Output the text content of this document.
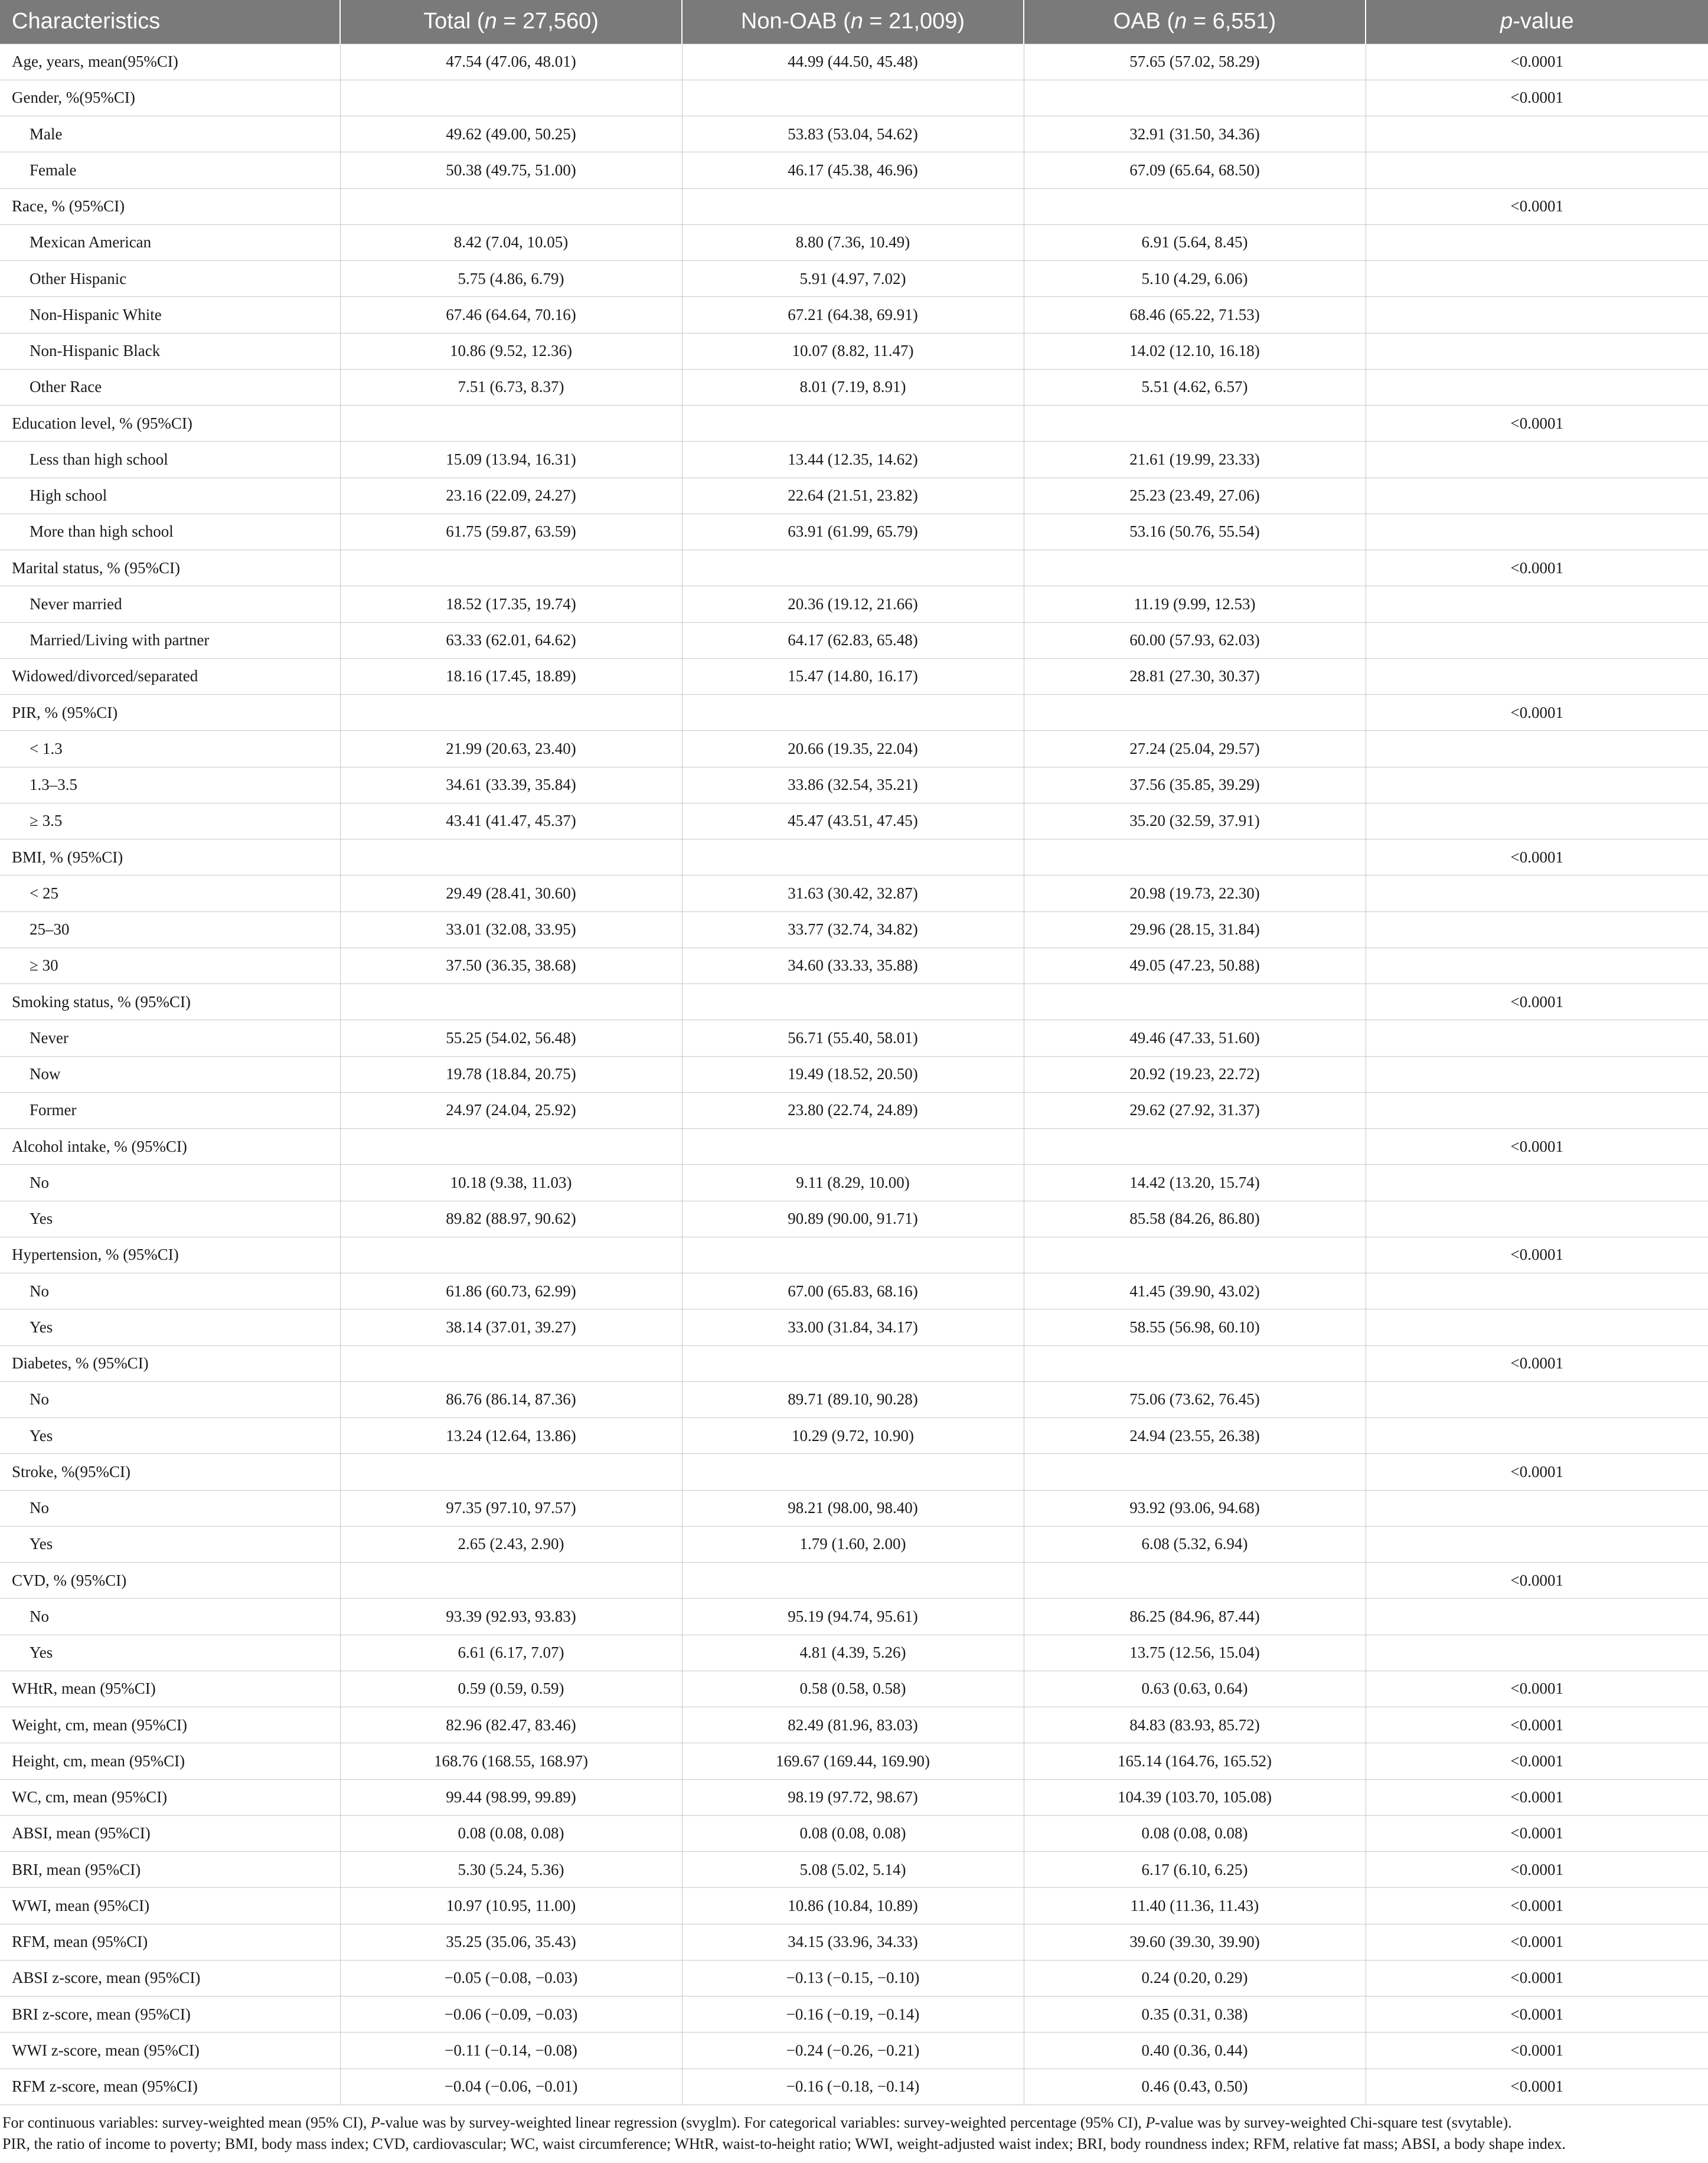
Characteristics	Total (n = 27,560)	Non-OAB (n = 21,009)	OAB (n = 6,551)	p-value
Age, years, mean(95%CI)	47.54 (47.06, 48.01)	44.99 (44.50, 45.48)	57.65 (57.02, 58.29)	<0.0001
Gender, %(95%CI)				<0.0001
Male	49.62 (49.00, 50.25)	53.83 (53.04, 54.62)	32.91 (31.50, 34.36)	
Female	50.38 (49.75, 51.00)	46.17 (45.38, 46.96)	67.09 (65.64, 68.50)	
Race, % (95%CI)				<0.0001
Mexican American	8.42 (7.04, 10.05)	8.80 (7.36, 10.49)	6.91 (5.64, 8.45)	
Other Hispanic	5.75 (4.86, 6.79)	5.91 (4.97, 7.02)	5.10 (4.29, 6.06)	
Non-Hispanic White	67.46 (64.64, 70.16)	67.21 (64.38, 69.91)	68.46 (65.22, 71.53)	
Non-Hispanic Black	10.86 (9.52, 12.36)	10.07 (8.82, 11.47)	14.02 (12.10, 16.18)	
Other Race	7.51 (6.73, 8.37)	8.01 (7.19, 8.91)	5.51 (4.62, 6.57)	
Education level, % (95%CI)				<0.0001
Less than high school	15.09 (13.94, 16.31)	13.44 (12.35, 14.62)	21.61 (19.99, 23.33)	
High school	23.16 (22.09, 24.27)	22.64 (21.51, 23.82)	25.23 (23.49, 27.06)	
More than high school	61.75 (59.87, 63.59)	63.91 (61.99, 65.79)	53.16 (50.76, 55.54)	
Marital status, % (95%CI)				<0.0001
Never married	18.52 (17.35, 19.74)	20.36 (19.12, 21.66)	11.19 (9.99, 12.53)	
Married/Living with partner	63.33 (62.01, 64.62)	64.17 (62.83, 65.48)	60.00 (57.93, 62.03)	
Widowed/divorced/separated	18.16 (17.45, 18.89)	15.47 (14.80, 16.17)	28.81 (27.30, 30.37)	
PIR, % (95%CI)				<0.0001
< 1.3	21.99 (20.63, 23.40)	20.66 (19.35, 22.04)	27.24 (25.04, 29.57)	
1.3–3.5	34.61 (33.39, 35.84)	33.86 (32.54, 35.21)	37.56 (35.85, 39.29)	
≥ 3.5	43.41 (41.47, 45.37)	45.47 (43.51, 47.45)	35.20 (32.59, 37.91)	
BMI, % (95%CI)				<0.0001
< 25	29.49 (28.41, 30.60)	31.63 (30.42, 32.87)	20.98 (19.73, 22.30)	
25–30	33.01 (32.08, 33.95)	33.77 (32.74, 34.82)	29.96 (28.15, 31.84)	
≥ 30	37.50 (36.35, 38.68)	34.60 (33.33, 35.88)	49.05 (47.23, 50.88)	
Smoking status, % (95%CI)				<0.0001
Never	55.25 (54.02, 56.48)	56.71 (55.40, 58.01)	49.46 (47.33, 51.60)	
Now	19.78 (18.84, 20.75)	19.49 (18.52, 20.50)	20.92 (19.23, 22.72)	
Former	24.97 (24.04, 25.92)	23.80 (22.74, 24.89)	29.62 (27.92, 31.37)	
Alcohol intake, % (95%CI)				<0.0001
No	10.18 (9.38, 11.03)	9.11 (8.29, 10.00)	14.42 (13.20, 15.74)	
Yes	89.82 (88.97, 90.62)	90.89 (90.00, 91.71)	85.58 (84.26, 86.80)	
Hypertension, % (95%CI)				<0.0001
No	61.86 (60.73, 62.99)	67.00 (65.83, 68.16)	41.45 (39.90, 43.02)	
Yes	38.14 (37.01, 39.27)	33.00 (31.84, 34.17)	58.55 (56.98, 60.10)	
Diabetes, % (95%CI)				<0.0001
No	86.76 (86.14, 87.36)	89.71 (89.10, 90.28)	75.06 (73.62, 76.45)	
Yes	13.24 (12.64, 13.86)	10.29 (9.72, 10.90)	24.94 (23.55, 26.38)	
Stroke, %(95%CI)				<0.0001
No	97.35 (97.10, 97.57)	98.21 (98.00, 98.40)	93.92 (93.06, 94.68)	
Yes	2.65 (2.43, 2.90)	1.79 (1.60, 2.00)	6.08 (5.32, 6.94)	
CVD, % (95%CI)				<0.0001
No	93.39 (92.93, 93.83)	95.19 (94.74, 95.61)	86.25 (84.96, 87.44)	
Yes	6.61 (6.17, 7.07)	4.81 (4.39, 5.26)	13.75 (12.56, 15.04)	
WHtR, mean (95%CI)	0.59 (0.59, 0.59)	0.58 (0.58, 0.58)	0.63 (0.63, 0.64)	<0.0001
Weight, cm, mean (95%CI)	82.96 (82.47, 83.46)	82.49 (81.96, 83.03)	84.83 (83.93, 85.72)	<0.0001
Height, cm, mean (95%CI)	168.76 (168.55, 168.97)	169.67 (169.44, 169.90)	165.14 (164.76, 165.52)	<0.0001
WC, cm, mean (95%CI)	99.44 (98.99, 99.89)	98.19 (97.72, 98.67)	104.39 (103.70, 105.08)	<0.0001
ABSI, mean (95%CI)	0.08 (0.08, 0.08)	0.08 (0.08, 0.08)	0.08 (0.08, 0.08)	<0.0001
BRI, mean (95%CI)	5.30 (5.24, 5.36)	5.08 (5.02, 5.14)	6.17 (6.10, 6.25)	<0.0001
WWI, mean (95%CI)	10.97 (10.95, 11.00)	10.86 (10.84, 10.89)	11.40 (11.36, 11.43)	<0.0001
RFM, mean (95%CI)	35.25 (35.06, 35.43)	34.15 (33.96, 34.33)	39.60 (39.30, 39.90)	<0.0001
ABSI z-score, mean (95%CI)	−0.05 (−0.08, −0.03)	−0.13 (−0.15, −0.10)	0.24 (0.20, 0.29)	<0.0001
BRI z-score, mean (95%CI)	−0.06 (−0.09, −0.03)	−0.16 (−0.19, −0.14)	0.35 (0.31, 0.38)	<0.0001
WWI z-score, mean (95%CI)	−0.11 (−0.14, −0.08)	−0.24 (−0.26, −0.21)	0.40 (0.36, 0.44)	<0.0001
RFM z-score, mean (95%CI)	−0.04 (−0.06, −0.01)	−0.16 (−0.18, −0.14)	0.46 (0.43, 0.50)	<0.0001

For continuous variables: survey-weighted mean (95% CI), P-value was by survey-weighted linear regression (svyglm). For categorical variables: survey-weighted percentage (95% CI), P-value was by survey-weighted Chi-square test (svytable).

PIR, the ratio of income to poverty; BMI, body mass index; CVD, cardiovascular; WC, waist circumference; WHtR, waist-to-height ratio; WWI, weight-adjusted waist index; BRI, body roundness index; RFM, relative fat mass; ABSI, a body shape index.
